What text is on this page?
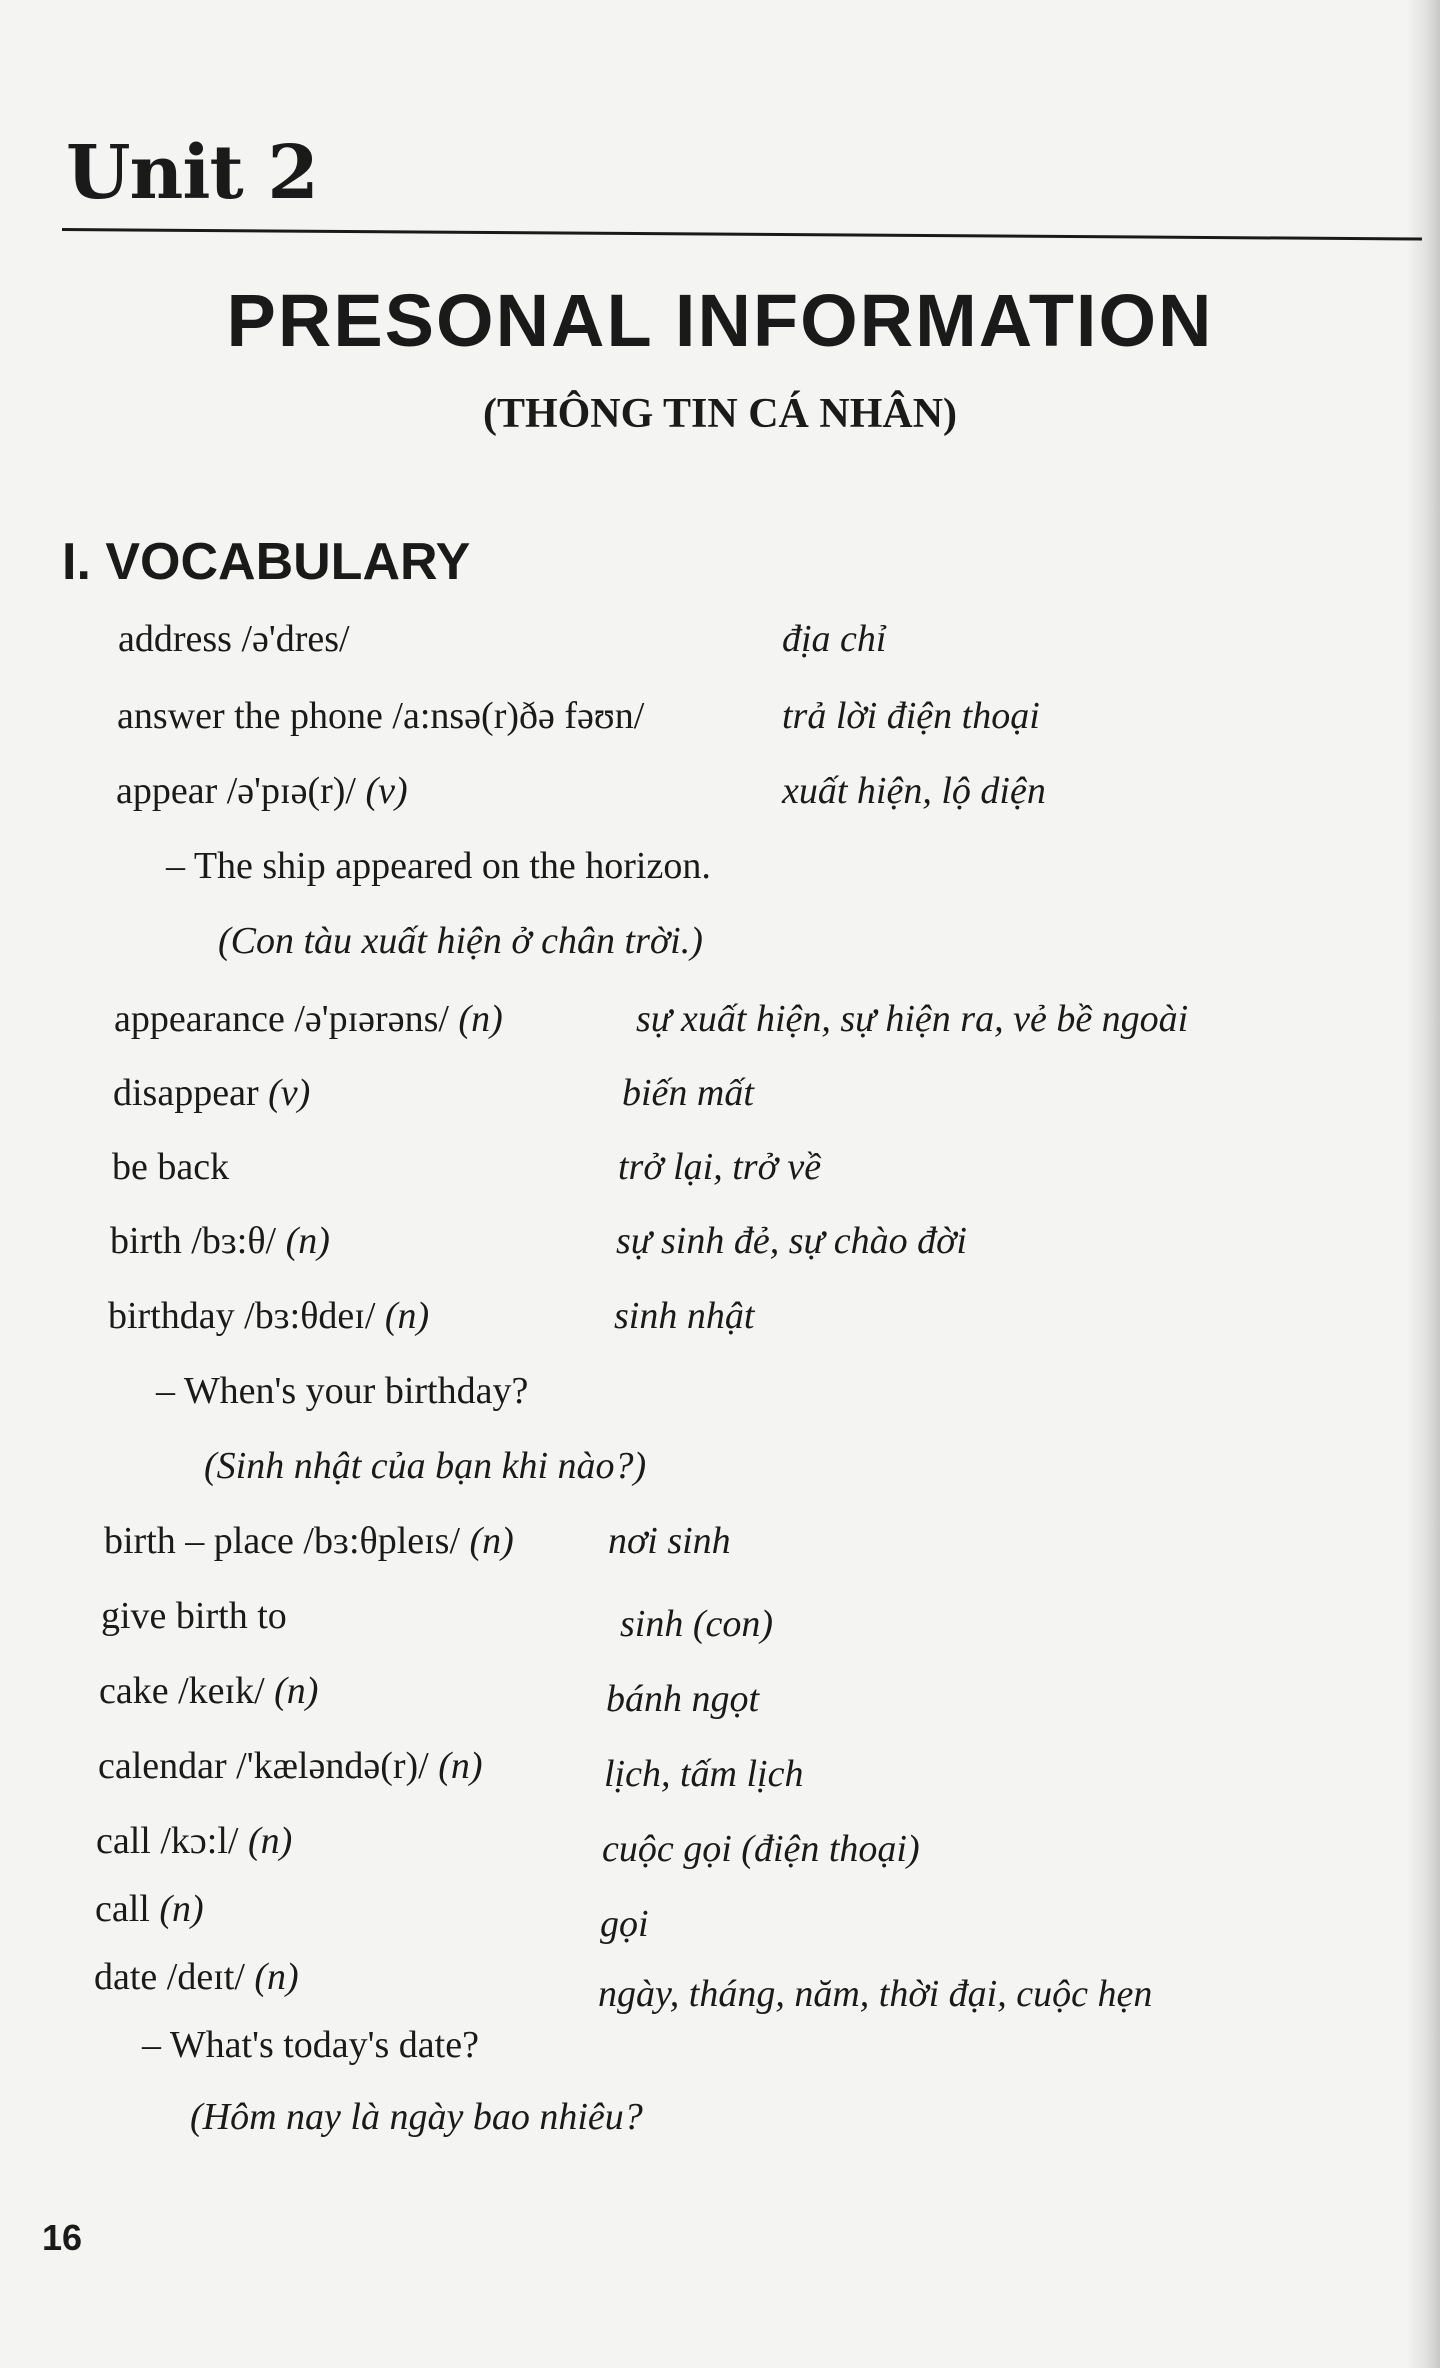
Unit 2
PRESONAL INFORMATION
(THÔNG TIN CÁ NHÂN)
I. VOCABULARY
address /ə'dres/	địa chỉ
answer the phone /a:nsə(r)ðə fəʊn/	trả lời điện thoại
appear /ə'pɪə(r)/ (v)	xuất hiện, lộ diện
– The ship appeared on the horizon.
(Con tàu xuất hiện ở chân trời.)
appearance /ə'pɪərəns/ (n)	sự xuất hiện, sự hiện ra, vẻ bề ngoài
disappear (v)	biến mất
be back	trở lại, trở về
birth /bɜ:θ/ (n)	sự sinh đẻ, sự chào đời
birthday /bɜ:θdeɪ/ (n)	sinh nhật
– When's your birthday?
(Sinh nhật của bạn khi nào?)
birth – place /bɜ:θpleɪs/ (n) nơi sinh
give birth to	sinh (con)
cake /keɪk/ (n)	bánh ngọt
calendar /'kæləndə(r)/ (n)	lịch, tấm lịch
call /kɔ:l/ (n)	cuộc gọi (điện thoại)
call (n)	gọi
date /deɪt/ (n)	ngày, tháng, năm, thời đại, cuộc hẹn
– What's today's date?
(Hôm nay là ngày bao nhiêu?
16
